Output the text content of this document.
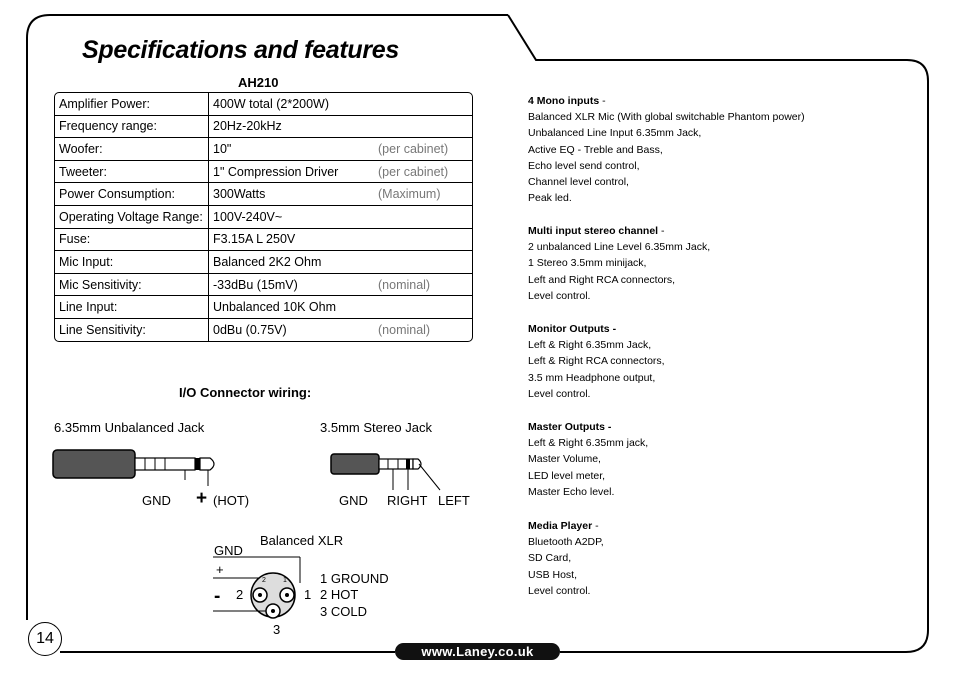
Specifications and features
AH210
Amplifier Power:	400W total (2*200W)	
Frequency range:	20Hz-20kHz	
Woofer:	10"	(per cabinet)
Tweeter:	1" Compression Driver	(per cabinet)
Power Consumption:	300Watts	(Maximum)
Operating Voltage Range:	100V-240V~	
Fuse:	F3.15A L 250V	
Mic Input:	Balanced 2K2 Ohm	
Mic Sensitivity:	-33dBu (15mV)	(nominal)
Line Input:	Unbalanced 10K Ohm	
Line Sensitivity:	0dBu (0.75V)	(nominal)
4 Mono inputs -
Balanced XLR Mic (With global switchable Phantom power)
Unbalanced Line Input 6.35mm Jack,
Active EQ - Treble and Bass,
Echo level send control,
Channel level control,
Peak led.
Multi input stereo channel -
2 unbalanced Line Level 6.35mm Jack,
1 Stereo 3.5mm minijack,
Left and Right RCA connectors,
Level control.
Monitor Outputs -
Left & Right 6.35mm Jack,
Left & Right RCA connectors,
3.5 mm Headphone output,
Level control.
Master Outputs -
Left & Right 6.35mm jack,
Master Volume,
LED level meter,
Master Echo level.
Media Player -
Bluetooth A2DP,
SD Card,
USB Host,
Level control.
I/O Connector wiring:
6.35mm Unbalanced Jack
GND + (HOT)
3.5mm Stereo Jack
GND RIGHT LEFT
Balanced XLR
GND
+
-
2 1
2	1
3
1 GROUND
2 HOT
3 COLD
14
www.Laney.co.uk
